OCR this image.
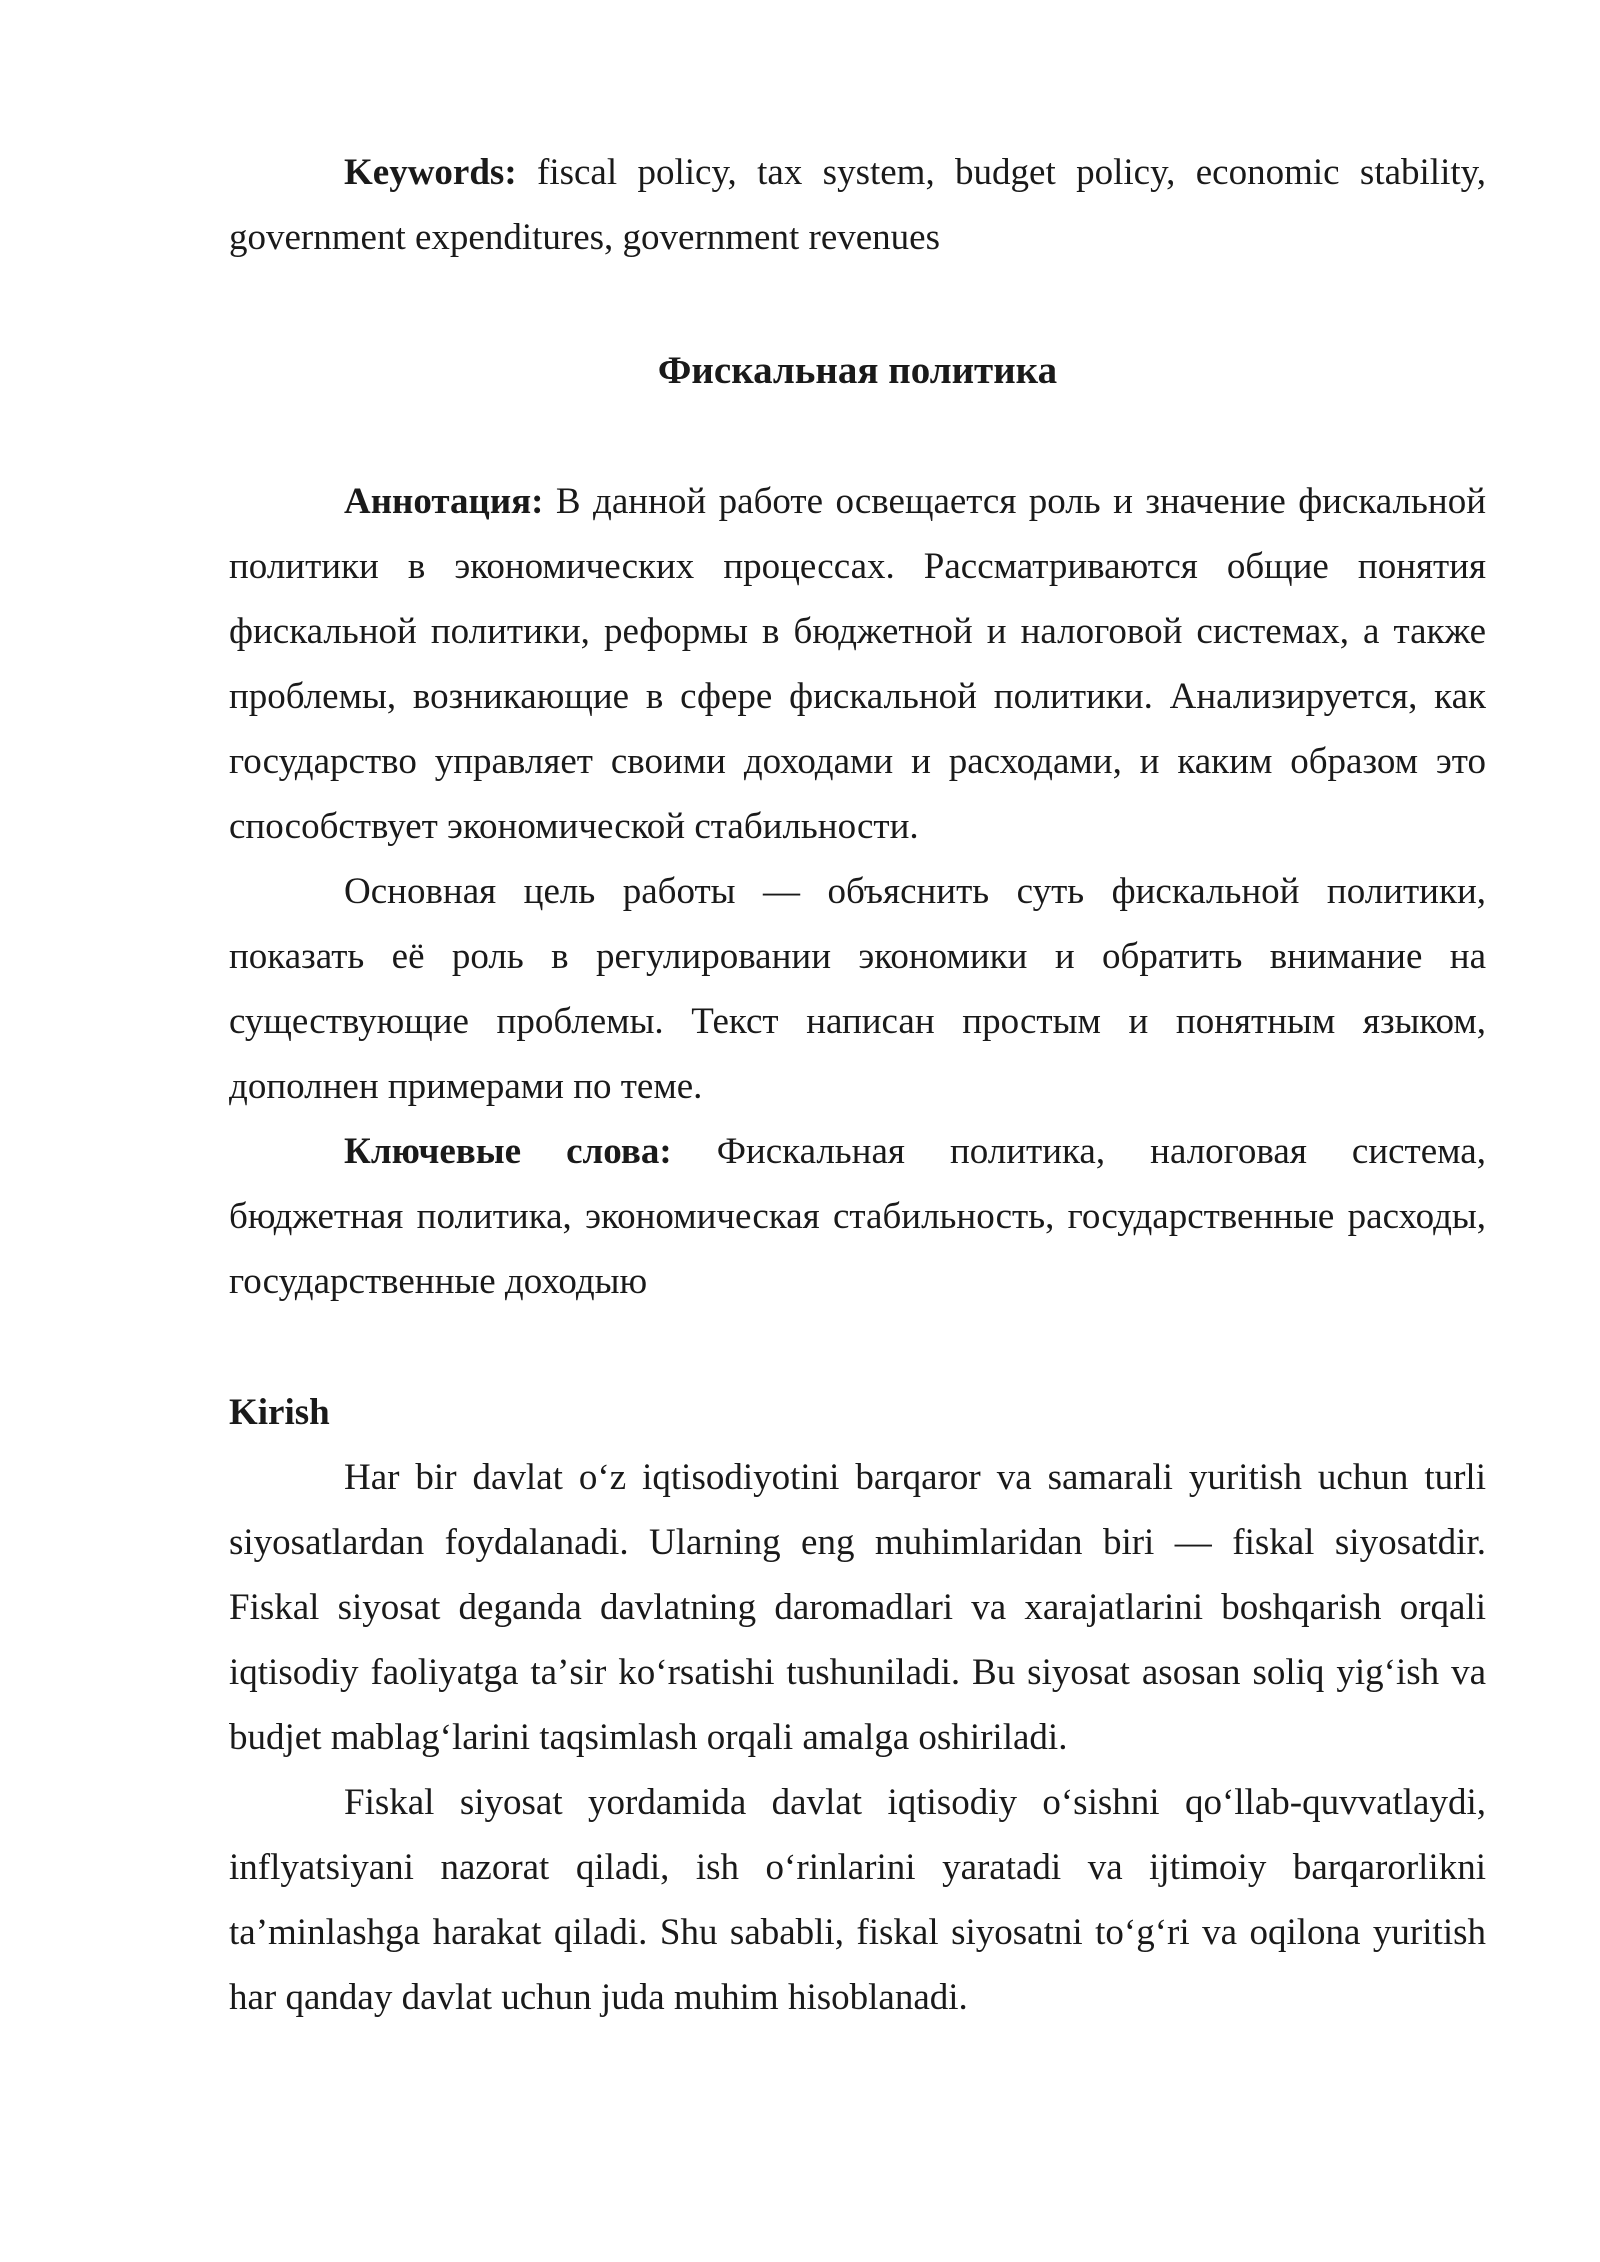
Keywords: fiscal policy, tax system, budget policy, economic stability, government expenditures, government revenues

Фискальная политика

Аннотация: В данной работе освещается роль и значение фискальной политики в экономических процессах. Рассматриваются общие понятия фискальной политики, реформы в бюджетной и налоговой системах, а также проблемы, возникающие в сфере фискальной политики. Анализируется, как государство управляет своими доходами и расходами, и каким образом это способствует экономической стабильности.

Основная цель работы — объяснить суть фискальной политики, показать её роль в регулировании экономики и обратить внимание на существующие проблемы. Текст написан простым и понятным языком, дополнен примерами по теме.

Ключевые слова: Фискальная политика, налоговая система, бюджетная политика, экономическая стабильность, государственные расходы, государственные доходыю

Kirish

Har bir davlat oʻz iqtisodiyotini barqaror va samarali yuritish uchun turli siyosatlardan foydalanadi. Ularning eng muhimlaridan biri — fiskal siyosatdir. Fiskal siyosat deganda davlatning daromadlari va xarajatlarini boshqarish orqali iqtisodiy faoliyatga taʼsir koʻrsatishi tushuniladi. Bu siyosat asosan soliq yigʻish va budjet mablagʻlarini taqsimlash orqali amalga oshiriladi.

Fiskal siyosat yordamida davlat iqtisodiy oʻsishni qoʻllab-quvvatlaydi, inflyatsiyani nazorat qiladi, ish oʻrinlarini yaratadi va ijtimoiy barqarorlikni taʼminlashga harakat qiladi. Shu sababli, fiskal siyosatni toʻgʻri va oqilona yuritish har qanday davlat uchun juda muhim hisoblanadi.
